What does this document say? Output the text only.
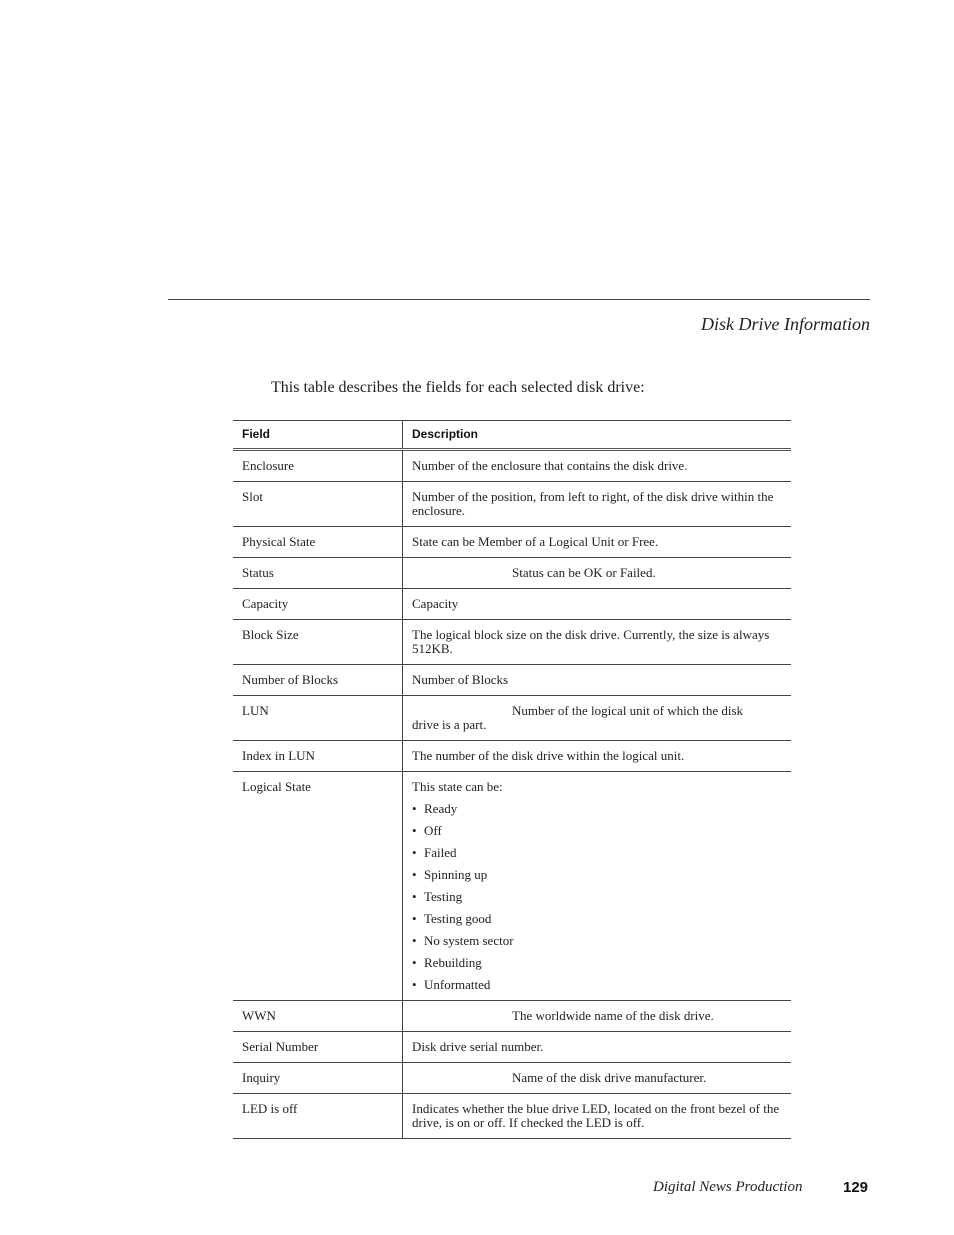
Disk Drive Information
This table describes the fields for each selected disk drive:
Field	Description
Enclosure	Number of the enclosure that contains the disk drive.
Slot	Number of the position, from left to right, of the disk drive within the enclosure.
Physical State	State can be Member of a Logical Unit or Free.
Status	Status can be OK or Failed.
Capacity	Capacity
Block Size	The logical block size on the disk drive. Currently, the size is always 512KB.
Number of Blocks	Number of Blocks
LUN	Number of the logical unit of which the disk
drive is a part.
Index in LUN	The number of the disk drive within the logical unit.
Logical State	This state can be:
• Ready
• Off
• Failed
• Spinning up
• Testing
• Testing good
• No system sector
• Rebuilding
• Unformatted
WWN	The worldwide name of the disk drive.
Serial Number	Disk drive serial number.
Inquiry	Name of the disk drive manufacturer.
LED is off	Indicates whether the blue drive LED, located on the front bezel of the drive, is on or off. If checked the LED is off.
Digital News Production	129
